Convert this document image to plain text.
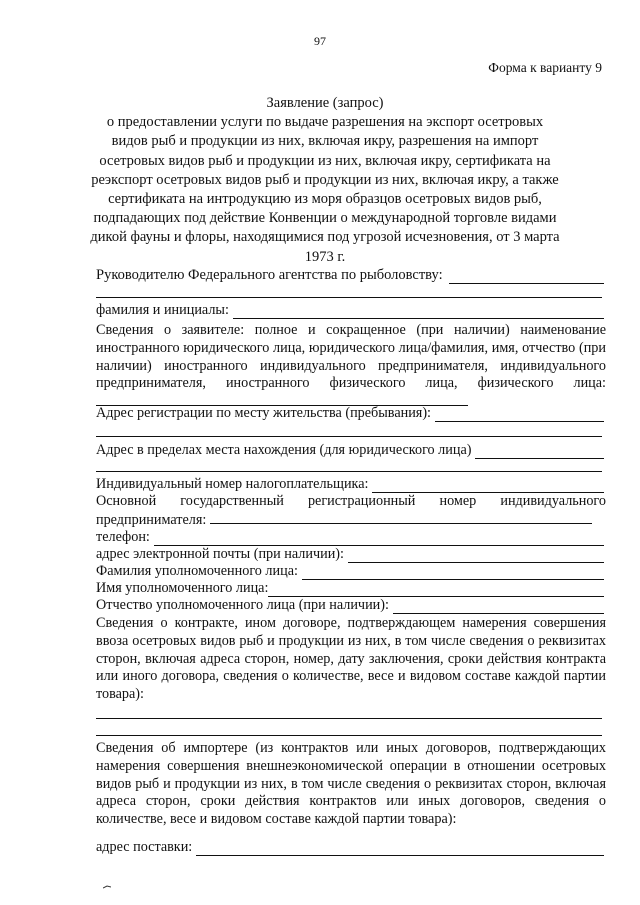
97
Форма к варианту 9
Заявление (запрос)
о предоставлении услуги по выдаче разрешения на экспорт осетровых видов рыб и продукции из них, включая икру, разрешения на импорт осетровых видов рыб и продукции из них, включая икру, сертификата на реэкспорт осетровых видов рыб и продукции из них, включая икру, а также сертификата на интродукцию из моря образцов осетровых видов рыб, подпадающих под действие Конвенции о международной торговле видами дикой фауны и флоры, находящимися под угрозой исчезновения, от 3 марта 1973 г.
Руководителю Федерального агентства по рыболовству:
фамилия и инициалы:
Сведения о заявителе: полное и сокращенное (при наличии) наименование иностранного юридического лица, юридического лица/фамилия, имя, отчество (при наличии) иностранного индивидуального предпринимателя, индивидуального предпринимателя, иностранного физического лица, физического лица:
Адрес регистрации по месту жительства (пребывания):
Адрес в пределах места нахождения (для юридического лица)
Индивидуальный номер налогоплательщика:
Основной государственный регистрационный номер индивидуального предпринимателя:
телефон:
адрес электронной почты (при наличии):
Фамилия уполномоченного лица:
Имя уполномоченного лица:
Отчество уполномоченного лица (при наличии):
Сведения о контракте, ином договоре, подтверждающем намерения совершения ввоза осетровых видов рыб и продукции из них, в том числе сведения о реквизитах сторон, включая адреса сторон, номер, дату заключения, сроки действия контракта или иного договора, сведения о количестве, весе и видовом составе каждой партии товара):
Сведения об импортере (из контрактов или иных договоров, подтверждающих намерения совершения внешнеэкономической операции в отношении осетровых видов рыб и продукции из них, в том числе сведения о реквизитах сторон, включая адреса сторон, сроки действия контрактов или иных договоров, сведения о количестве, весе и видовом составе каждой партии товара):
адрес поставки:
